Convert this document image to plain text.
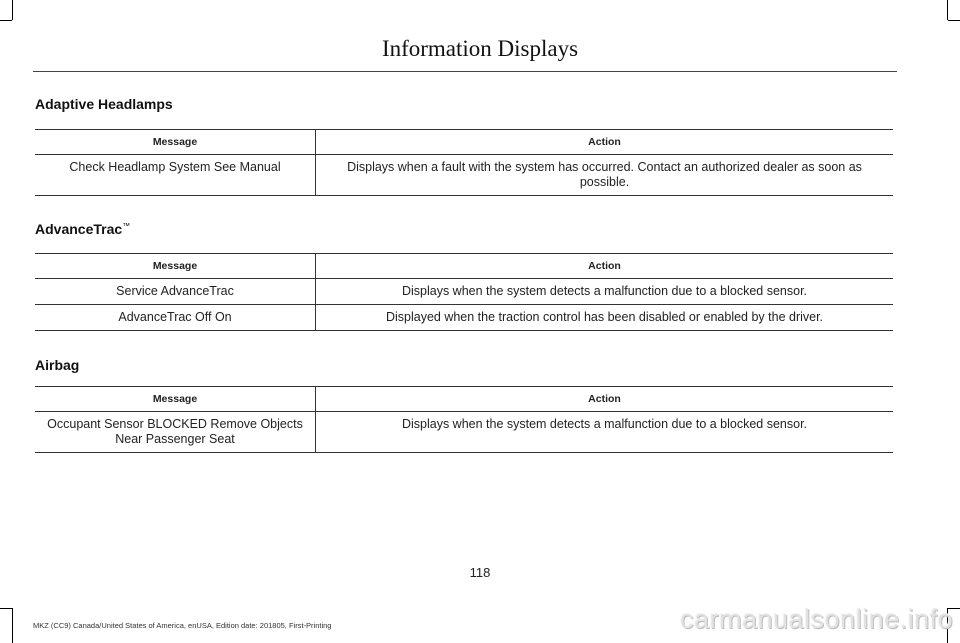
Information Displays
Adaptive Headlamps
Message	Action
Check Headlamp System See Manual	Displays when a fault with the system has occurred. Contact an authorized dealer as soon as possible.
AdvanceTrac™
Message	Action
Service AdvanceTrac	Displays when the system detects a malfunction due to a blocked sensor.
AdvanceTrac Off On	Displayed when the traction control has been disabled or enabled by the driver.
Airbag
Message	Action
Occupant Sensor BLOCKED Remove Objects Near Passenger Seat	Displays when the system detects a malfunction due to a blocked sensor.
118
MKZ (CC9) Canada/United States of America, enUSA, Edition date: 201805, First-Printing	carmanualsonline.info
